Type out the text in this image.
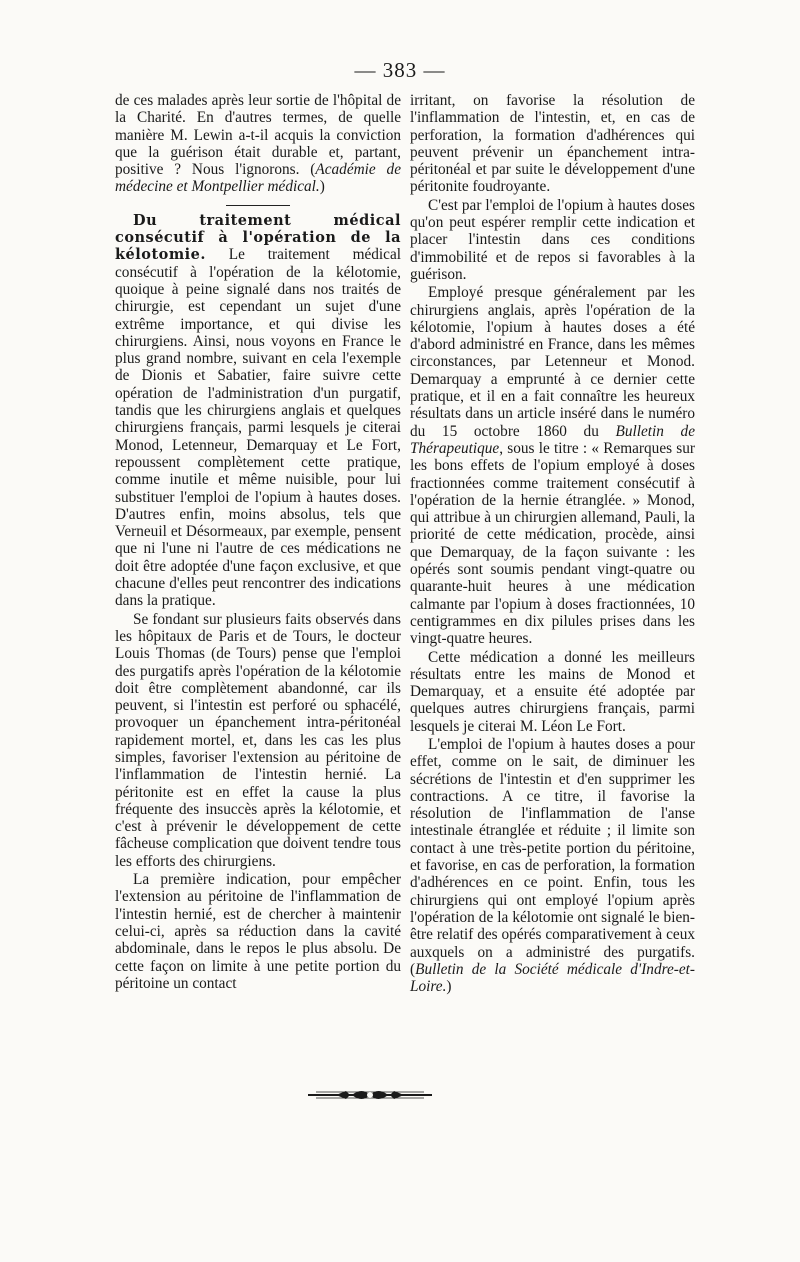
— 383 —

de ces malades après leur sortie de l'hôpital de la Charité. En d'autres termes, de quelle manière M. Lewin a-t-il acquis la conviction que la guérison était durable et, partant, positive ? Nous l'ignorons. (Académie de médecine et Montpellier médical.)

Du traitement médical consécutif à l'opération de la kélotomie. Le traitement médical consécutif à l'opération de la kélotomie, quoique à peine signalé dans nos traités de chirurgie, est cependant un sujet d'une extrême importance, et qui divise les chirurgiens. Ainsi, nous voyons en France le plus grand nombre, suivant en cela l'exemple de Dionis et Sabatier, faire suivre cette opération de l'administration d'un purgatif, tandis que les chirurgiens anglais et quelques chirurgiens français, parmi lesquels je citerai Monod, Letenneur, Demarquay et Le Fort, repoussent complètement cette pratique, comme inutile et même nuisible, pour lui substituer l'emploi de l'opium à hautes doses. D'autres enfin, moins absolus, tels que Verneuil et Désormeaux, par exemple, pensent que ni l'une ni l'autre de ces médications ne doit être adoptée d'une façon exclusive, et que chacune d'elles peut rencontrer des indications dans la pratique.

Se fondant sur plusieurs faits observés dans les hôpitaux de Paris et de Tours, le docteur Louis Thomas (de Tours) pense que l'emploi des purgatifs après l'opération de la kélotomie doit être complètement abandonné, car ils peuvent, si l'intestin est perforé ou sphacélé, provoquer un épanchement intra-péritonéal rapidement mortel, et, dans les cas les plus simples, favoriser l'extension au péritoine de l'inflammation de l'intestin hernié. La péritonite est en effet la cause la plus fréquente des insuccès après la kélotomie, et c'est à prévenir le développement de cette fâcheuse complication que doivent tendre tous les efforts des chirurgiens.

La première indication, pour empêcher l'extension au péritoine de l'inflammation de l'intestin hernié, est de chercher à maintenir celui-ci, après sa réduction dans la cavité abdominale, dans le repos le plus absolu. De cette façon on limite à une petite portion du péritoine un contact

irritant, on favorise la résolution de l'inflammation de l'intestin, et, en cas de perforation, la formation d'adhérences qui peuvent prévenir un épanchement intra-péritonéal et par suite le développement d'une péritonite foudroyante.

C'est par l'emploi de l'opium à hautes doses qu'on peut espérer remplir cette indication et placer l'intestin dans ces conditions d'immobilité et de repos si favorables à la guérison.

Employé presque généralement par les chirurgiens anglais, après l'opération de la kélotomie, l'opium à hautes doses a été d'abord administré en France, dans les mêmes circonstances, par Letenneur et Monod. Demarquay a emprunté à ce dernier cette pratique, et il en a fait connaître les heureux résultats dans un article inséré dans le numéro du 15 octobre 1860 du Bulletin de Thérapeutique, sous le titre : « Remarques sur les bons effets de l'opium employé à doses fractionnées comme traitement consécutif à l'opération de la hernie étranglée. » Monod, qui attribue à un chirurgien allemand, Pauli, la priorité de cette médication, procède, ainsi que Demarquay, de la façon suivante : les opérés sont soumis pendant vingt-quatre ou quarante-huit heures à une médication calmante par l'opium à doses fractionnées, 10 centigrammes en dix pilules prises dans les vingt-quatre heures.

Cette médication a donné les meilleurs résultats entre les mains de Monod et Demarquay, et a ensuite été adoptée par quelques autres chirurgiens français, parmi lesquels je citerai M. Léon Le Fort.

L'emploi de l'opium à hautes doses a pour effet, comme on le sait, de diminuer les sécrétions de l'intestin et d'en supprimer les contractions. A ce titre, il favorise la résolution de l'inflammation de l'anse intestinale étranglée et réduite ; il limite son contact à une très-petite portion du péritoine, et favorise, en cas de perforation, la formation d'adhérences en ce point. Enfin, tous les chirurgiens qui ont employé l'opium après l'opération de la kélotomie ont signalé le bien-être relatif des opérés comparativement à ceux auxquels on a administré des purgatifs. (Bulletin de la Société médicale d'Indre-et-Loire.)
